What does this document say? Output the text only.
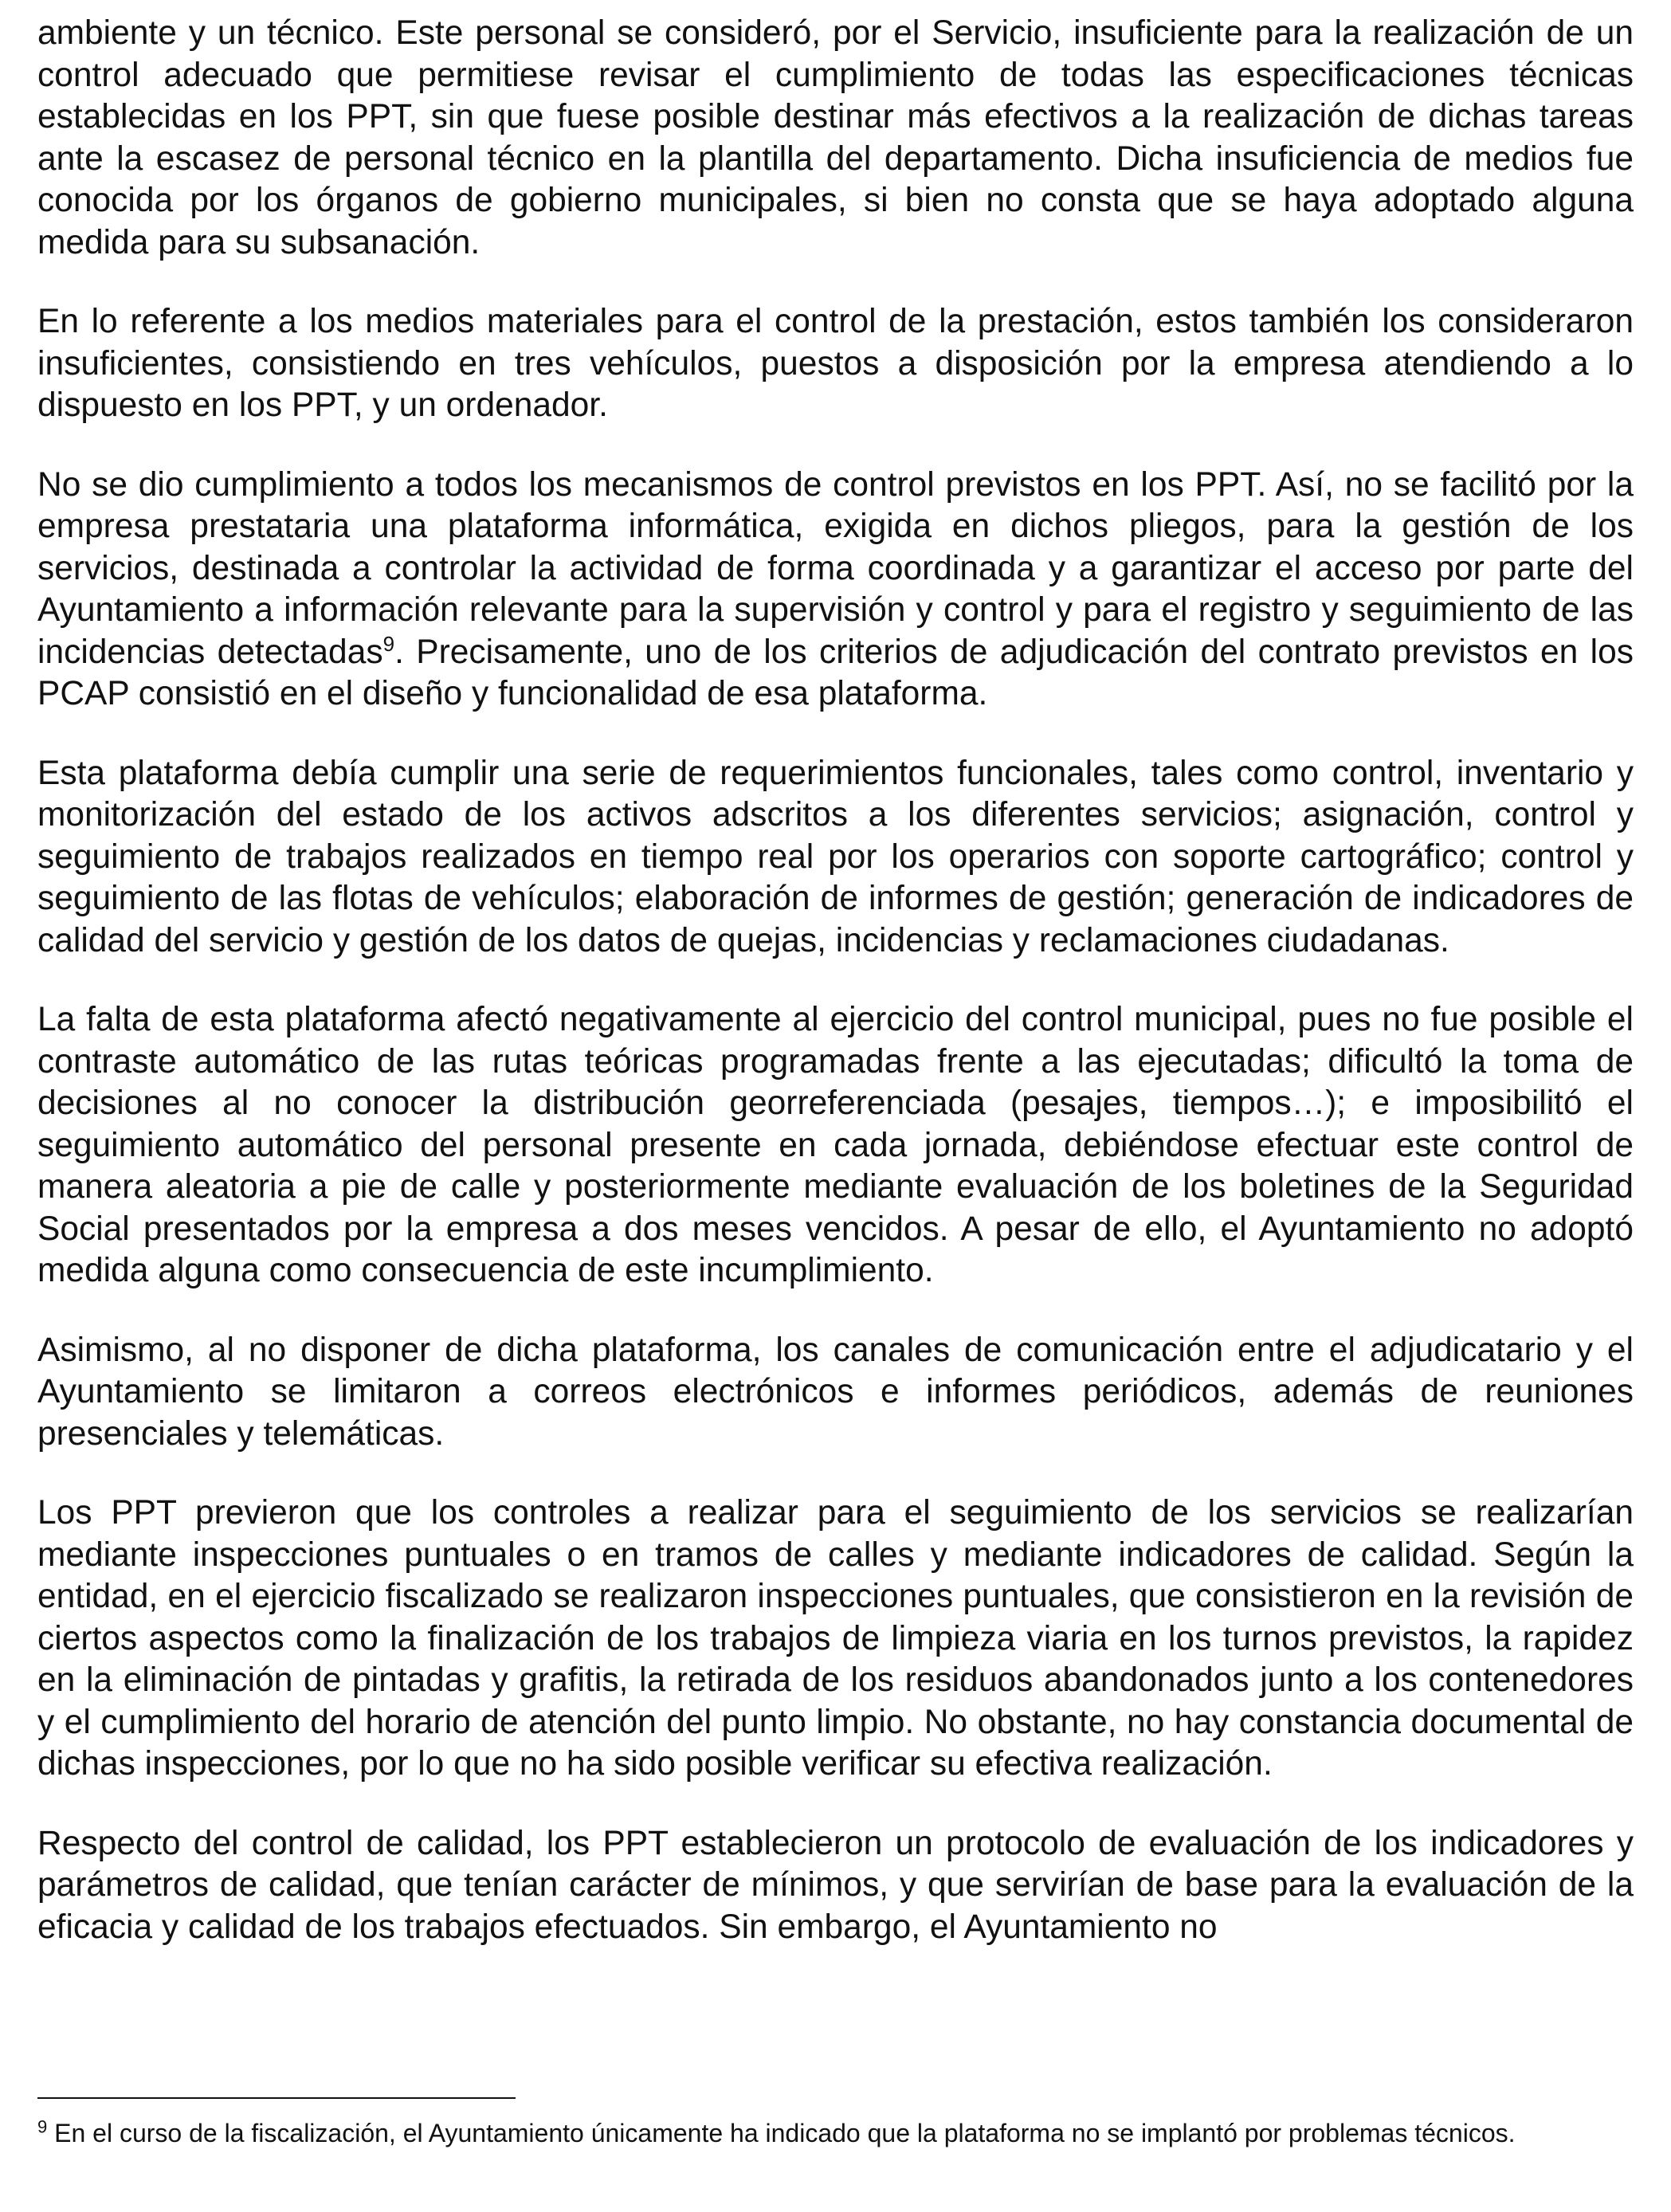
ambiente y un técnico. Este personal se consideró, por el Servicio, insuficiente para la realización de un control adecuado que permitiese revisar el cumplimiento de todas las especificaciones técnicas establecidas en los PPT, sin que fuese posible destinar más efectivos a la realización de dichas tareas ante la escasez de personal técnico en la plantilla del departamento. Dicha insuficiencia de medios fue conocida por los órganos de gobierno municipales, si bien no consta que se haya adoptado alguna medida para su subsanación.

En lo referente a los medios materiales para el control de la prestación, estos también los consideraron insuficientes, consistiendo en tres vehículos, puestos a disposición por la empresa atendiendo a lo dispuesto en los PPT, y un ordenador.

No se dio cumplimiento a todos los mecanismos de control previstos en los PPT. Así, no se facilitó por la empresa prestataria una plataforma informática, exigida en dichos pliegos, para la gestión de los servicios, destinada a controlar la actividad de forma coordinada y a garantizar el acceso por parte del Ayuntamiento a información relevante para la supervisión y control y para el registro y seguimiento de las incidencias detectadas$^9$. Precisamente, uno de los criterios de adjudicación del contrato previstos en los PCAP consistió en el diseño y funcionalidad de esa plataforma.

Esta plataforma debía cumplir una serie de requerimientos funcionales, tales como control, inventario y monitorización del estado de los activos adscritos a los diferentes servicios; asignación, control y seguimiento de trabajos realizados en tiempo real por los operarios con soporte cartográfico; control y seguimiento de las flotas de vehículos; elaboración de informes de gestión; generación de indicadores de calidad del servicio y gestión de los datos de quejas, incidencias y reclamaciones ciudadanas.

La falta de esta plataforma afectó negativamente al ejercicio del control municipal, pues no fue posible el contraste automático de las rutas teóricas programadas frente a las ejecutadas; dificultó la toma de decisiones al no conocer la distribución georreferenciada (pesajes, tiempos…); e imposibilitó el seguimiento automático del personal presente en cada jornada, debiéndose efectuar este control de manera aleatoria a pie de calle y posteriormente mediante evaluación de los boletines de la Seguridad Social presentados por la empresa a dos meses vencidos. A pesar de ello, el Ayuntamiento no adoptó medida alguna como consecuencia de este incumplimiento.

Asimismo, al no disponer de dicha plataforma, los canales de comunicación entre el adjudicatario y el Ayuntamiento se limitaron a correos electrónicos e informes periódicos, además de reuniones presenciales y telemáticas.

Los PPT previeron que los controles a realizar para el seguimiento de los servicios se realizarían mediante inspecciones puntuales o en tramos de calles y mediante indicadores de calidad. Según la entidad, en el ejercicio fiscalizado se realizaron inspecciones puntuales, que consistieron en la revisión de ciertos aspectos como la finalización de los trabajos de limpieza viaria en los turnos previstos, la rapidez en la eliminación de pintadas y grafitis, la retirada de los residuos abandonados junto a los contenedores y el cumplimiento del horario de atención del punto limpio. No obstante, no hay constancia documental de dichas inspecciones, por lo que no ha sido posible verificar su efectiva realización.

Respecto del control de calidad, los PPT establecieron un protocolo de evaluación de los indicadores y parámetros de calidad, que tenían carácter de mínimos, y que servirían de base para la evaluación de la eficacia y calidad de los trabajos efectuados. Sin embargo, el Ayuntamiento no

$^9$ En el curso de la fiscalización, el Ayuntamiento únicamente ha indicado que la plataforma no se implantó por problemas técnicos.
